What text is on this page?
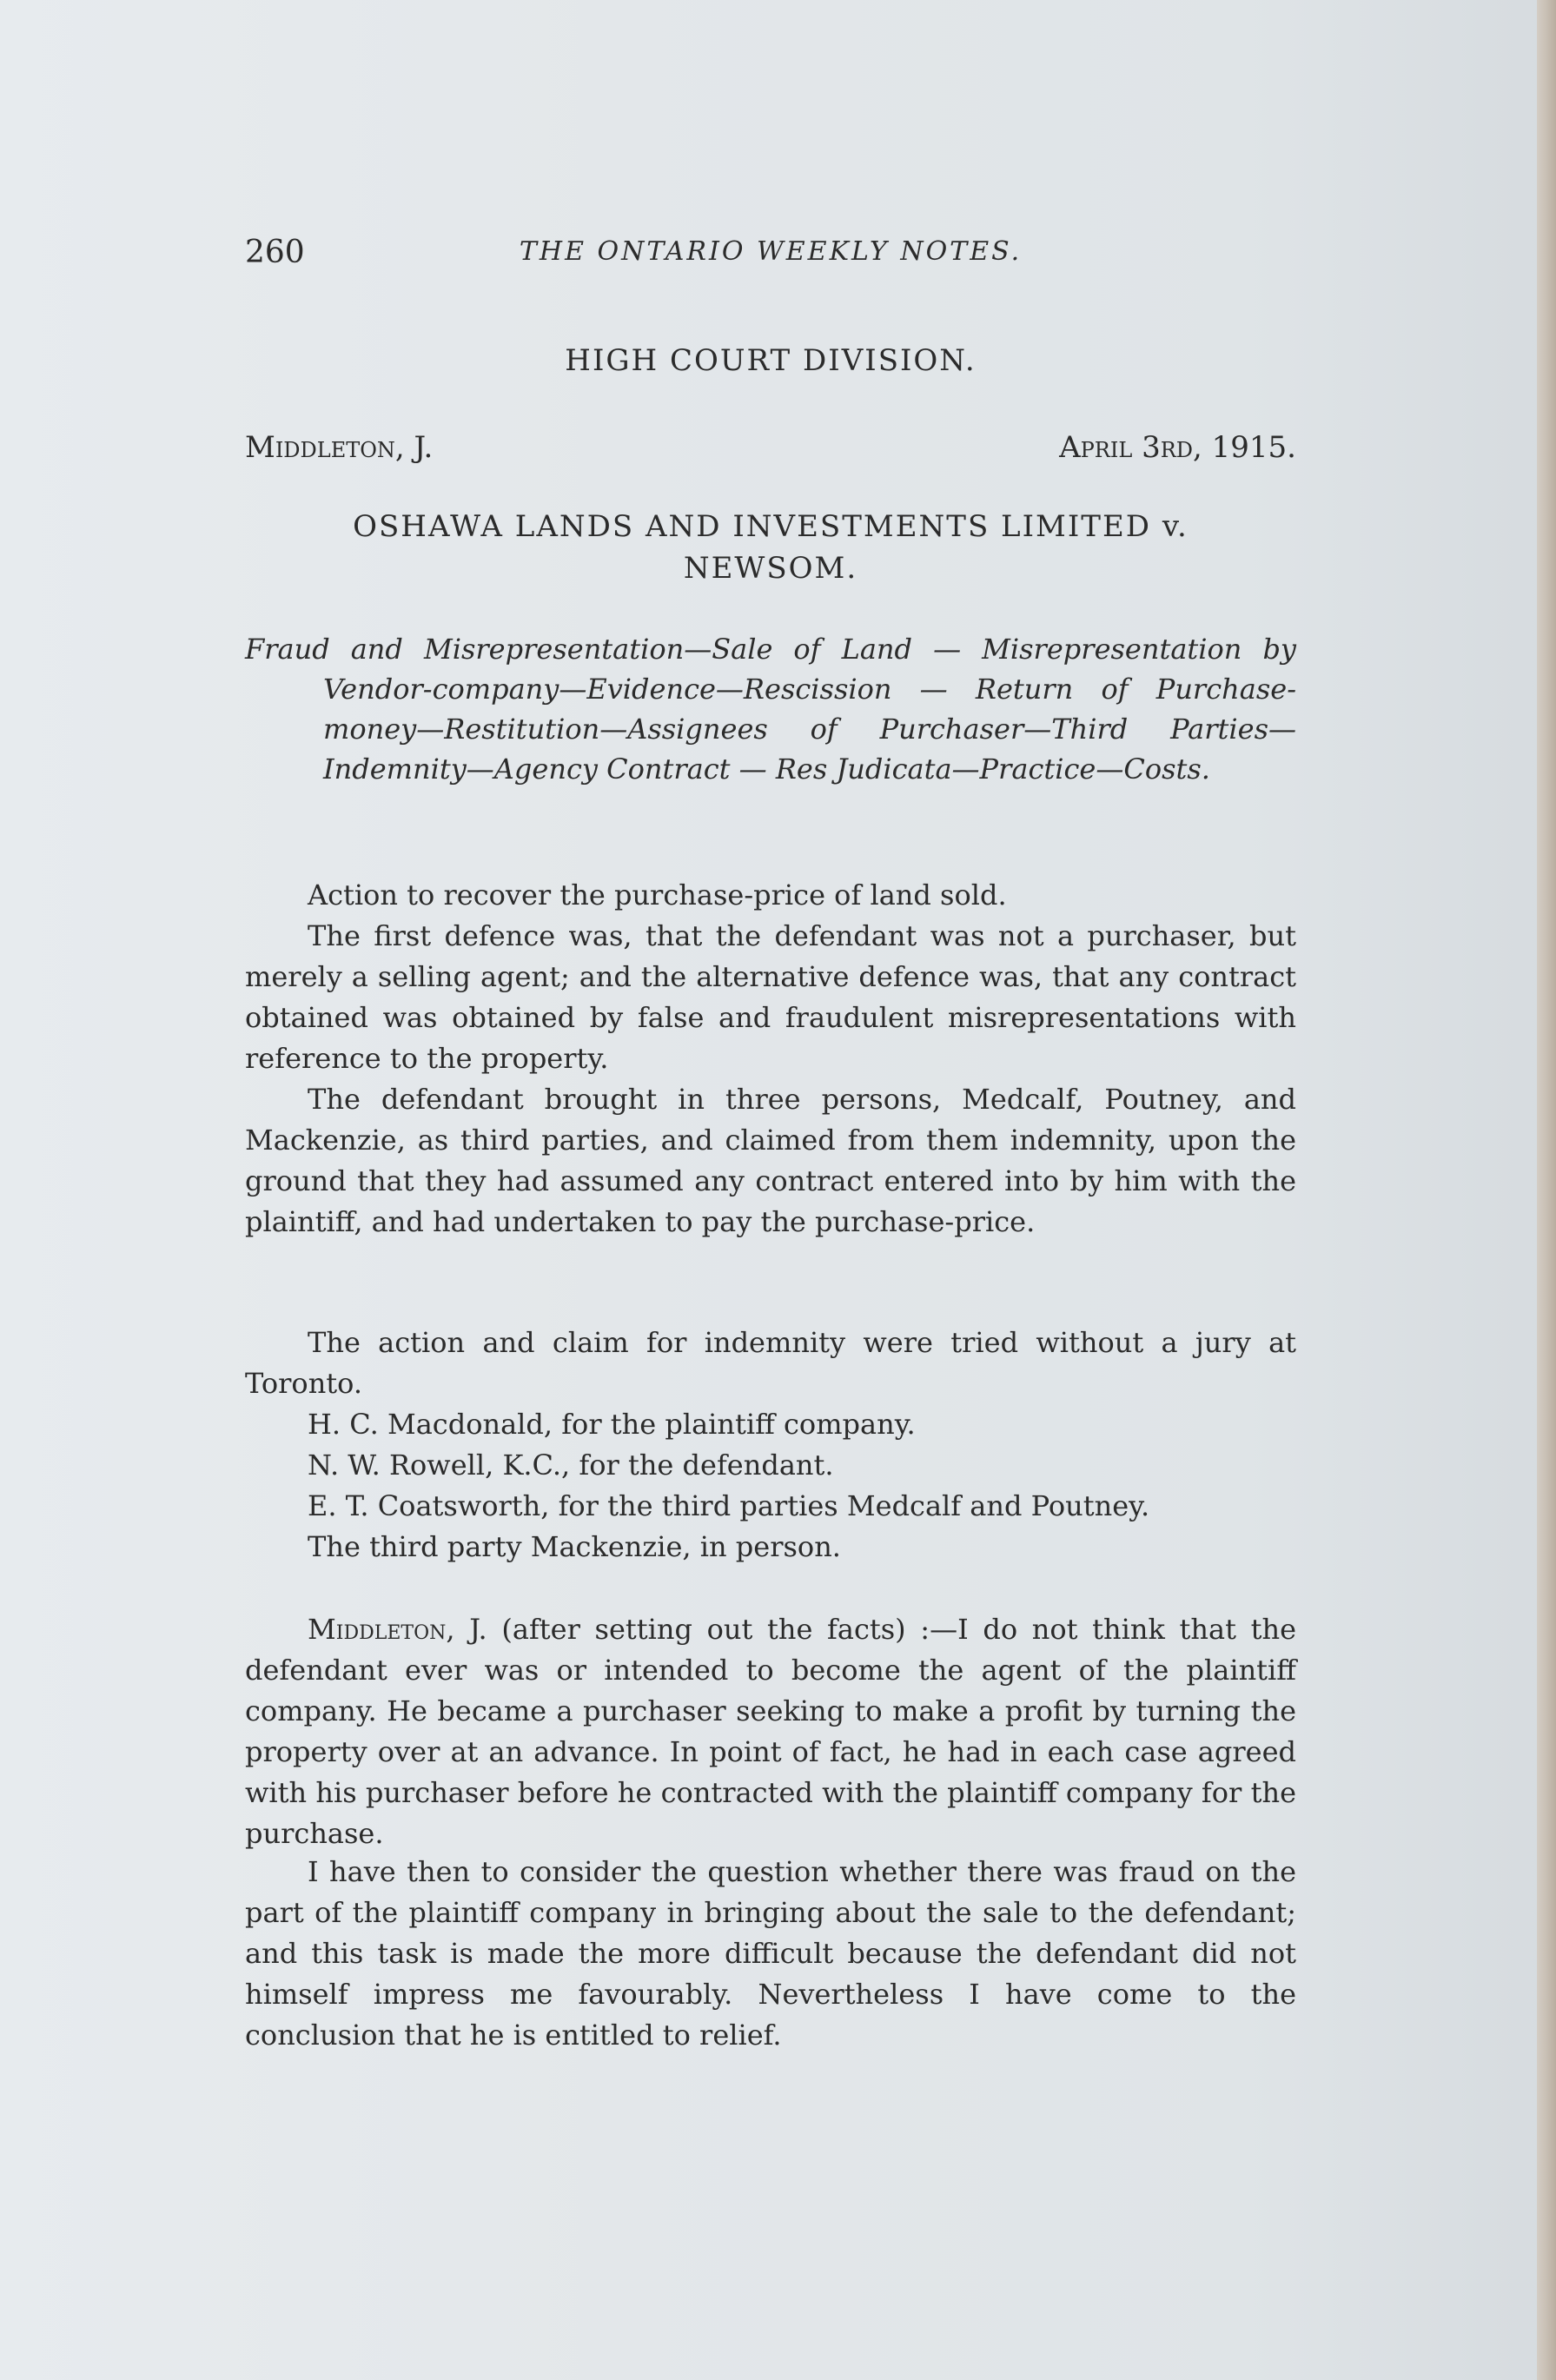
260	THE ONTARIO WEEKLY NOTES.
HIGH COURT DIVISION.
Middleton, J.	April 3rd, 1915.
OSHAWA LANDS AND INVESTMENTS LIMITED v.
NEWSOM.
Fraud and Misrepresentation—Sale of Land — Misrepresentation by Vendor-company—Evidence—Rescission — Return of Purchase-money—Restitution—Assignees of Purchaser—Third Parties—Indemnity—Agency Contract — Res Judicata—Practice—Costs.

Action to recover the purchase-price of land sold.

The first defence was, that the defendant was not a purchaser, but merely a selling agent; and the alternative defence was, that any contract obtained was obtained by false and fraudulent misrepresentations with reference to the property.

The defendant brought in three persons, Medcalf, Poutney, and Mackenzie, as third parties, and claimed from them indemnity, upon the ground that they had assumed any contract entered into by him with the plaintiff, and had undertaken to pay the purchase-price.

The action and claim for indemnity were tried without a jury at Toronto.

H. C. Macdonald, for the plaintiff company.
N. W. Rowell, K.C., for the defendant.
E. T. Coatsworth, for the third parties Medcalf and Poutney.
The third party Mackenzie, in person.

Middleton, J. (after setting out the facts) :—I do not think that the defendant ever was or intended to become the agent of the plaintiff company. He became a purchaser seeking to make a profit by turning the property over at an advance. In point of fact, he had in each case agreed with his purchaser before he contracted with the plaintiff company for the purchase.

I have then to consider the question whether there was fraud on the part of the plaintiff company in bringing about the sale to the defendant; and this task is made the more difficult because the defendant did not himself impress me favourably. Nevertheless I have come to the conclusion that he is entitled to relief.
